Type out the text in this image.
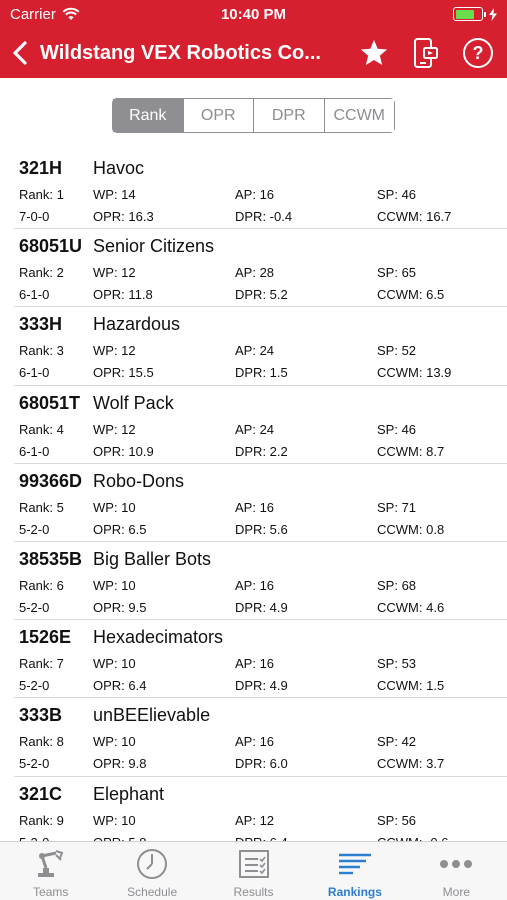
Carrier	10:40 PM
Wildstang VEX Robotics Co...	?
Rank	OPR	DPR	CCWM
321H Havoc
Rank: 1 WP: 14	AP: 16	SP: 46
7-0-0	OPR: 16.3	DPR: -0.4	CCWM: 16.7
68051U Senior Citizens
Rank: 2 WP: 12	AP: 28	SP: 65
6-1-0	OPR: 11.8	DPR: 5.2	CCWM: 6.5
333H Hazardous
Rank: 3 WP: 12	AP: 24	SP: 52
6-1-0	OPR: 15.5	DPR: 1.5	CCWM: 13.9
68051T Wolf Pack
Rank: 4 WP: 12	AP: 24	SP: 46
6-1-0	OPR: 10.9	DPR: 2.2	CCWM: 8.7
99366D Robo-Dons
Rank: 5 WP: 10	AP: 16	SP: 71
5-2-0	OPR: 6.5	DPR: 5.6	CCWM: 0.8
38535B Big Baller Bots
Rank: 6 WP: 10	AP: 16	SP: 68
5-2-0	OPR: 9.5	DPR: 4.9	CCWM: 4.6
1526E Hexadecimators
Rank: 7 WP: 10	AP: 16	SP: 53
5-2-0	OPR: 6.4	DPR: 4.9	CCWM: 1.5
333B unBEElievable
Rank: 8 WP: 10	AP: 16	SP: 42
5-2-0	OPR: 9.8	DPR: 6.0	CCWM: 3.7
321C Elephant
Rank: 9 WP: 10	AP: 12	SP: 56
Teams	Schedule	Results	Rankings	More
